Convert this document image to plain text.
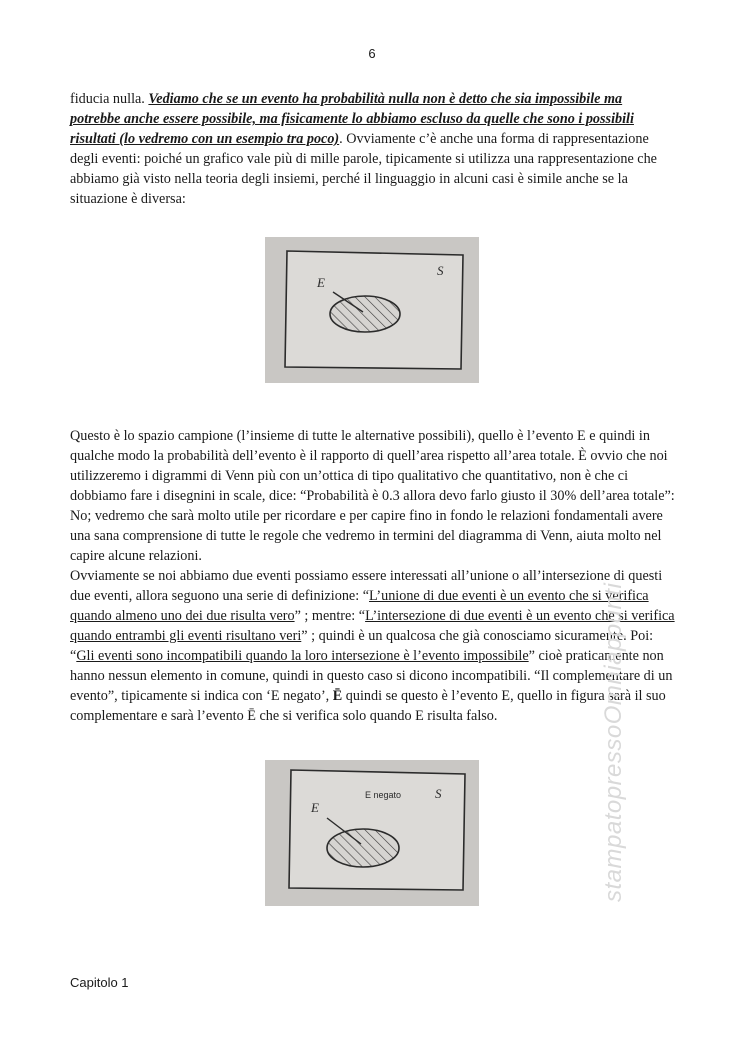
6

fiducia nulla. Vediamo che se un evento ha probabilità nulla non è detto che sia impossibile ma potrebbe anche essere possibile, ma fisicamente lo abbiamo escluso da quelle che sono i possibili risultati (lo vedremo con un esempio tra poco). Ovviamente c’è anche una forma di rappresentazione degli eventi: poiché un grafico vale più di mille parole, tipicamente si utilizza una rappresentazione che abbiamo già visto nella teoria degli insiemi, perché il linguaggio in alcuni casi è simile anche se la situazione è diversa:

E
S

Questo è lo spazio campione (l’insieme di tutte le alternative possibili), quello è l’evento E e quindi in qualche modo la probabilità dell’evento è il rapporto di quell’area rispetto all’area totale. È ovvio che noi utilizzeremo i digrammi di Venn più con un’ottica di tipo qualitativo che quantitativo, non è che ci dobbiamo fare i disegnini in scale, dice: “Probabilità è 0.3 allora devo farlo giusto il 30% dell’area totale”: No; vedremo che sarà molto utile per ricordare e per capire fino in fondo le relazioni fondamentali avere una sana comprensione di tutte le regole che vedremo in termini del diagramma di Venn, aiuta molto nel capire alcune relazioni.
Ovviamente se noi abbiamo due eventi possiamo essere interessati all’unione o all’intersezione di questi due eventi, allora seguono una serie di definizione: “L’unione di due eventi è un evento che si verifica quando almeno uno dei due risulta vero” ; mentre: “L’intersezione di due eventi è un evento che si verifica quando entrambi gli eventi risultano veri” ; quindi è un qualcosa che già conosciamo sicuramente. Poi: “Gli eventi sono incompatibili quando la loro intersezione è l’evento impossibile” cioè praticamente non hanno nessun elemento in comune, quindi in questo caso si dicono incompatibili. “Il complementare di un evento”, tipicamente si indica con ‘E negato’, Ē quindi se questo è l’evento E, quello in figura sarà il suo complementare e sarà l’evento Ē che si verifica solo quando E risulta falso.

E
E negato	S
Capitolo 1
stampatopressoOmniappunti
